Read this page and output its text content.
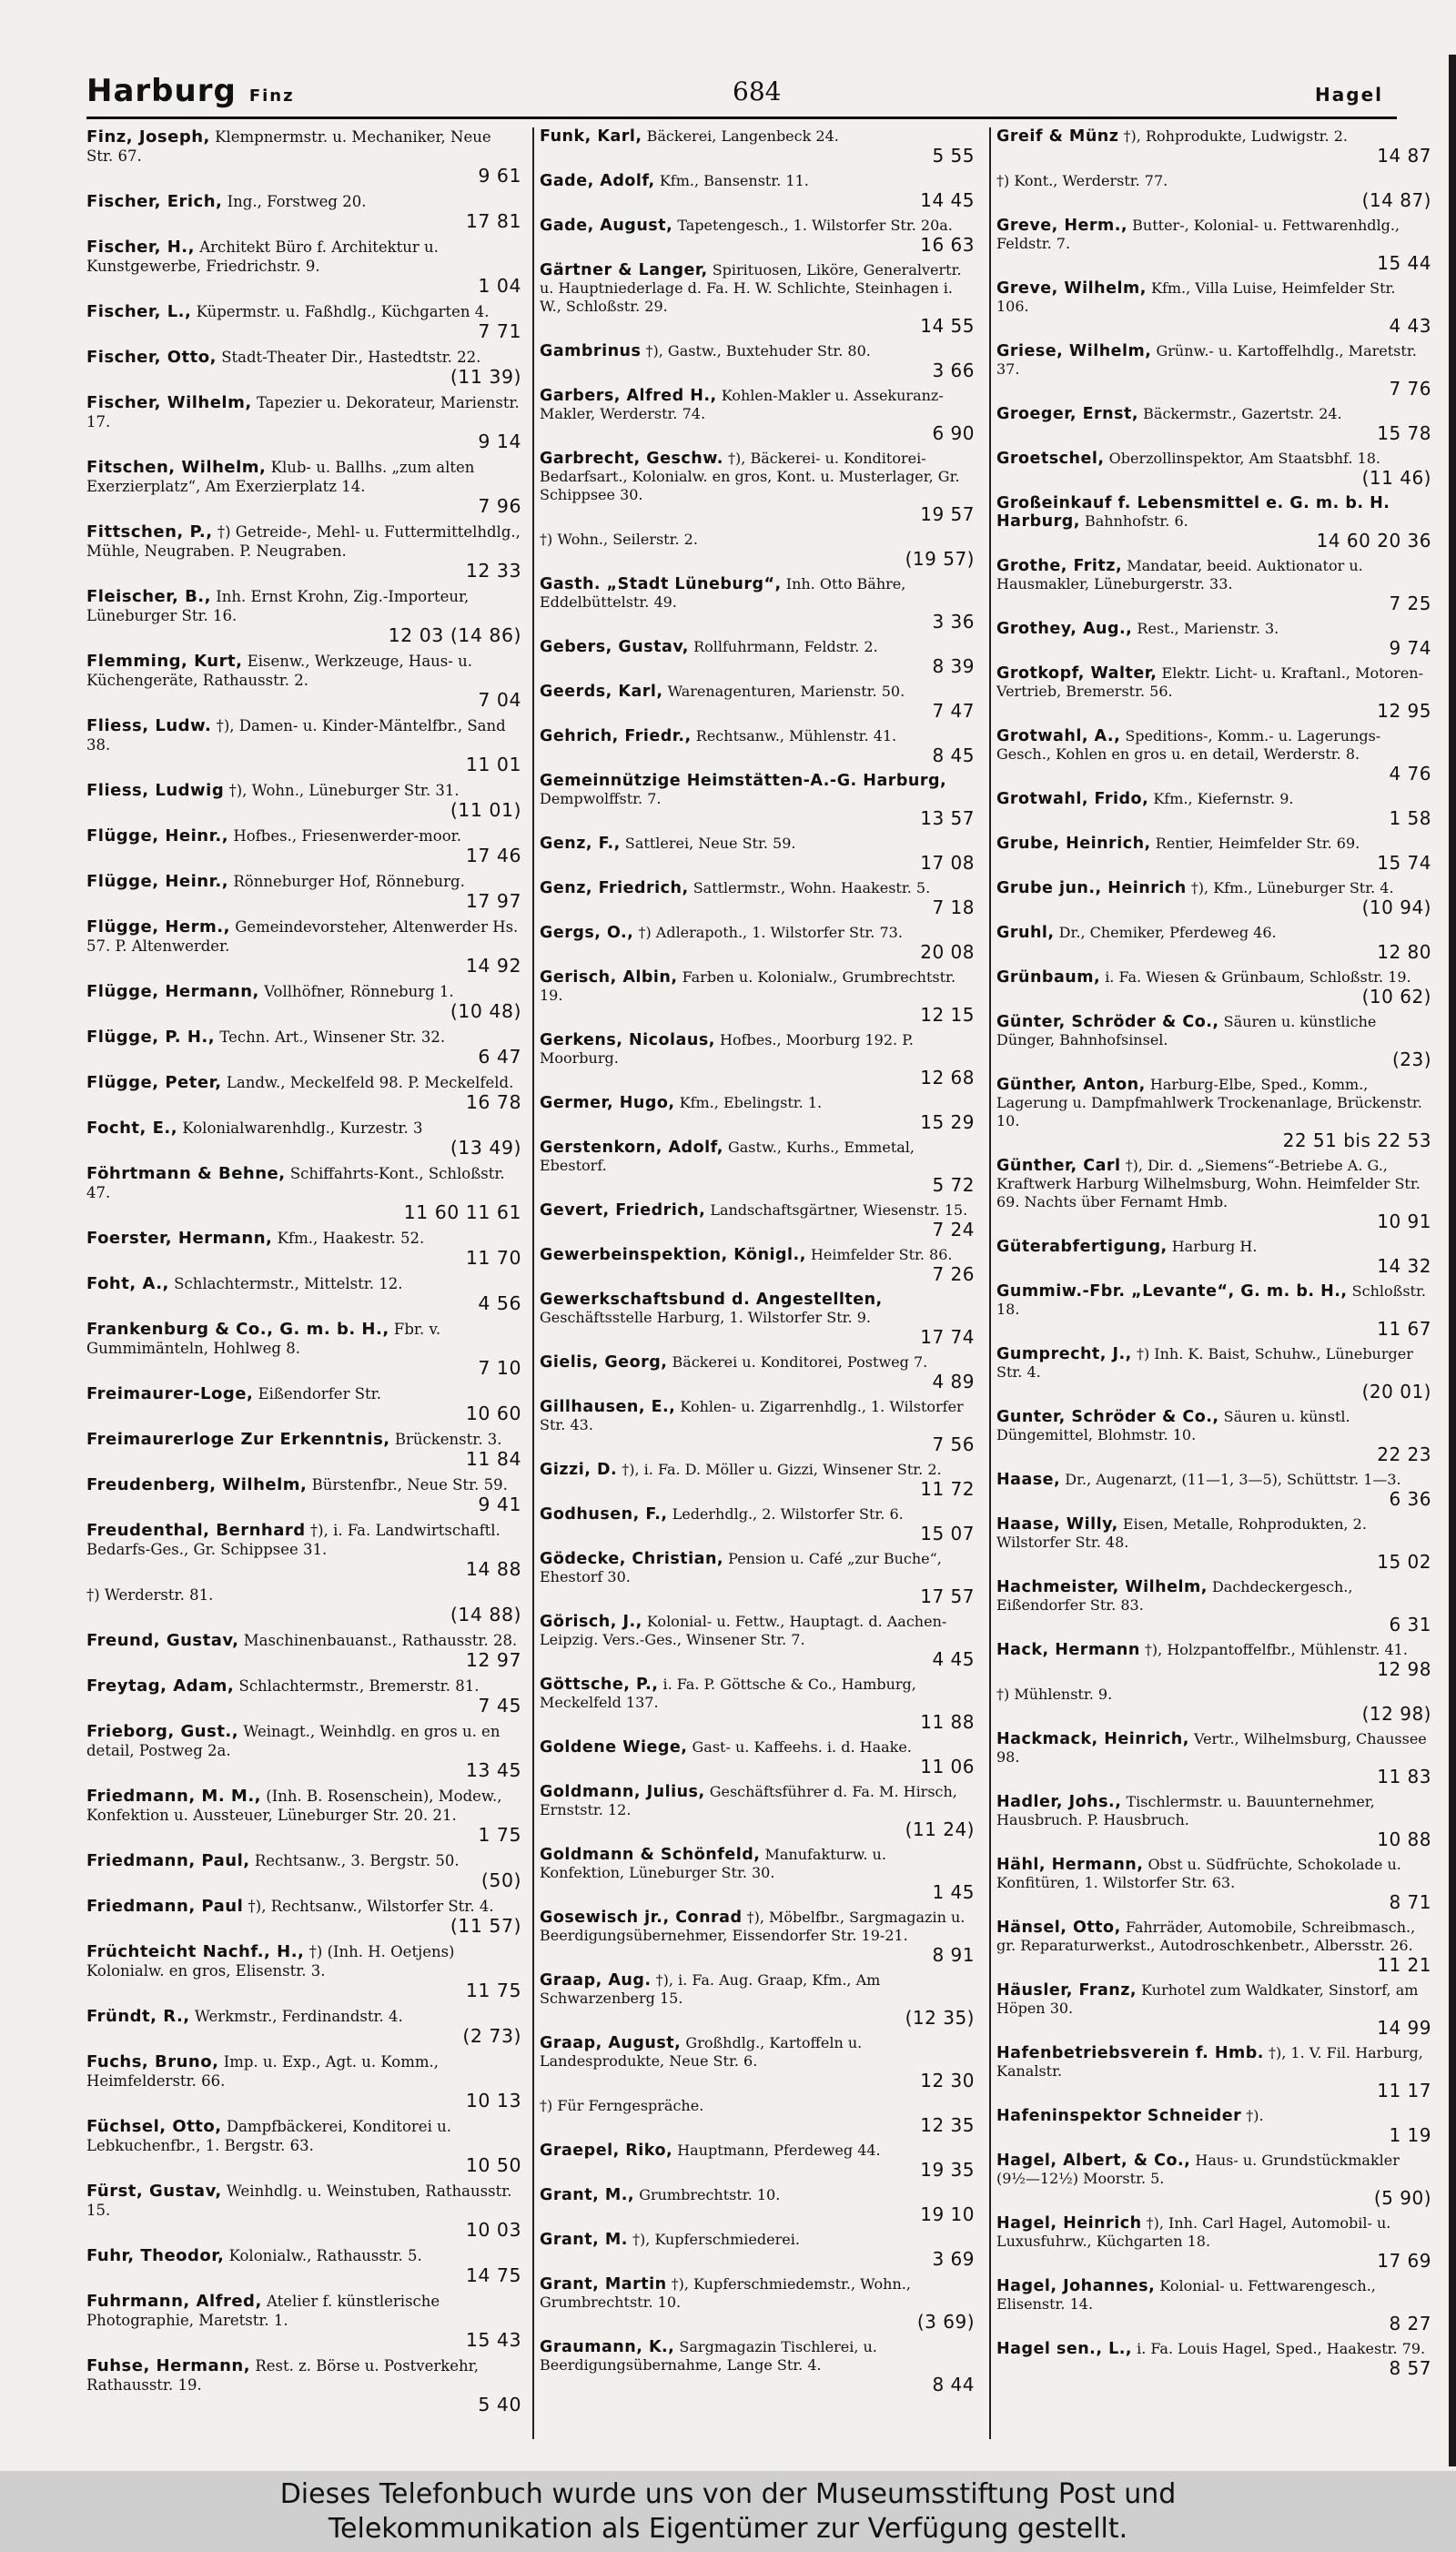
Harburg Finz	684	Hagel
Finz, Joseph, Klempnermstr. u. Mechaniker, Neue Str. 67.
9 61
Fischer, Erich, Ing., Forstweg 20.
17 81
Fischer, H., Architekt Büro f. Architektur u. Kunstgewerbe, Friedrichstr. 9.
1 04
Fischer, L., Küpermstr. u. Faßhdlg., Küchgarten 4.
7 71
Fischer, Otto, Stadt-Theater Dir., Hastedtstr. 22.
(11 39)
Fischer, Wilhelm, Tapezier u. Dekorateur, Marienstr. 17.
9 14
Fitschen, Wilhelm, Klub- u. Ballhs. „zum alten Exerzierplatz“, Am Exerzierplatz 14.
7 96
Fittschen, P., †) Getreide-, Mehl- u. Futtermittelhdlg., Mühle, Neugraben. P. Neugraben.
12 33
Fleischer, B., Inh. Ernst Krohn, Zig.-Importeur, Lüneburger Str. 16.
12 03 (14 86)
Flemming, Kurt, Eisenw., Werkzeuge, Haus- u. Küchengeräte, Rathausstr. 2.
7 04
Fliess, Ludw. †), Damen- u. Kinder-Mäntelfbr., Sand 38.
11 01
Fliess, Ludwig †), Wohn., Lüneburger Str. 31.
(11 01)
Flügge, Heinr., Hofbes., Friesenwerder-moor.
17 46
Flügge, Heinr., Rönneburger Hof, Rönneburg.
17 97
Flügge, Herm., Gemeindevorsteher, Altenwerder Hs. 57. P. Altenwerder.
14 92
Flügge, Hermann, Vollhöfner, Rönneburg 1.
(10 48)
Flügge, P. H., Techn. Art., Winsener Str. 32.
6 47
Flügge, Peter, Landw., Meckelfeld 98. P. Meckelfeld.
16 78
Focht, E., Kolonialwarenhdlg., Kurzestr. 3
(13 49)
Föhrtmann & Behne, Schiffahrts-Kont., Schloßstr. 47.
11 60 11 61
Foerster, Hermann, Kfm., Haakestr. 52.
11 70
Foht, A., Schlachtermstr., Mittelstr. 12.
4 56
Frankenburg & Co., G. m. b. H., Fbr. v. Gummimänteln, Hohlweg 8.
7 10
Freimaurer-Loge, Eißendorfer Str.
10 60
Freimaurerloge Zur Erkenntnis, Brückenstr. 3.
11 84
Freudenberg, Wilhelm, Bürstenfbr., Neue Str. 59.
9 41
Freudenthal, Bernhard †), i. Fa. Landwirtschaftl. Bedarfs-Ges., Gr. Schippsee 31.
14 88
†) Werderstr. 81.
(14 88)
Freund, Gustav, Maschinenbauanst., Rathausstr. 28.
12 97
Freytag, Adam, Schlachtermstr., Bremerstr. 81.
7 45
Frieborg, Gust., Weinagt., Weinhdlg. en gros u. en detail, Postweg 2a.
13 45
Friedmann, M. M., (Inh. B. Rosenschein), Modew., Konfektion u. Aussteuer, Lüneburger Str. 20. 21.
1 75
Friedmann, Paul, Rechtsanw., 3. Bergstr. 50.
(50)
Friedmann, Paul †), Rechtsanw., Wilstorfer Str. 4.
(11 57)
Früchteicht Nachf., H., †) (Inh. H. Oetjens) Kolonialw. en gros, Elisenstr. 3.
11 75
Fründt, R., Werkmstr., Ferdinandstr. 4.
(2 73)
Fuchs, Bruno, Imp. u. Exp., Agt. u. Komm., Heimfelderstr. 66.
10 13
Füchsel, Otto, Dampfbäckerei, Konditorei u. Lebkuchenfbr., 1. Bergstr. 63.
10 50
Fürst, Gustav, Weinhdlg. u. Weinstuben, Rathausstr. 15.
10 03
Fuhr, Theodor, Kolonialw., Rathausstr. 5.
14 75
Fuhrmann, Alfred, Atelier f. künstlerische Photographie, Maretstr. 1.
15 43
Fuhse, Hermann, Rest. z. Börse u. Postverkehr, Rathausstr. 19.
5 40
Funk, Karl, Bäckerei, Langenbeck 24.
5 55
Gade, Adolf, Kfm., Bansenstr. 11.
14 45
Gade, August, Tapetengesch., 1. Wilstorfer Str. 20a.
16 63
Gärtner & Langer, Spirituosen, Liköre, Generalvertr. u. Hauptniederlage d. Fa. H. W. Schlichte, Steinhagen i. W., Schloßstr. 29.
14 55
Gambrinus †), Gastw., Buxtehuder Str. 80.
3 66
Garbers, Alfred H., Kohlen-Makler u. Assekuranz-Makler, Werderstr. 74.
6 90
Garbrecht, Geschw. †), Bäckerei- u. Konditorei-Bedarfsart., Kolonialw. en gros, Kont. u. Musterlager, Gr. Schippsee 30.
19 57
†) Wohn., Seilerstr. 2.
(19 57)
Gasth. „Stadt Lüneburg“, Inh. Otto Bähre, Eddelbüttelstr. 49.
3 36
Gebers, Gustav, Rollfuhrmann, Feldstr. 2.
8 39
Geerds, Karl, Warenagenturen, Marienstr. 50.
7 47
Gehrich, Friedr., Rechtsanw., Mühlenstr. 41.
8 45
Gemeinnützige Heimstätten-A.-G. Harburg, Dempwolffstr. 7.
13 57
Genz, F., Sattlerei, Neue Str. 59.
17 08
Genz, Friedrich, Sattlermstr., Wohn. Haakestr. 5.
7 18
Gergs, O., †) Adlerapoth., 1. Wilstorfer Str. 73.
20 08
Gerisch, Albin, Farben u. Kolonialw., Grumbrechtstr. 19.
12 15
Gerkens, Nicolaus, Hofbes., Moorburg 192. P. Moorburg.
12 68
Germer, Hugo, Kfm., Ebelingstr. 1.
15 29
Gerstenkorn, Adolf, Gastw., Kurhs., Emmetal, Ebestorf.
5 72
Gevert, Friedrich, Landschaftsgärtner, Wiesenstr. 15.
7 24
Gewerbeinspektion, Königl., Heimfelder Str. 86.
7 26
Gewerkschaftsbund d. Angestellten, Geschäftsstelle Harburg, 1. Wilstorfer Str. 9.
17 74
Gielis, Georg, Bäckerei u. Konditorei, Postweg 7.
4 89
Gillhausen, E., Kohlen- u. Zigarrenhdlg., 1. Wilstorfer Str. 43.
7 56
Gizzi, D. †), i. Fa. D. Möller u. Gizzi, Winsener Str. 2.
11 72
Godhusen, F., Lederhdlg., 2. Wilstorfer Str. 6.
15 07
Gödecke, Christian, Pension u. Café „zur Buche“, Ehestorf 30.
17 57
Görisch, J., Kolonial- u. Fettw., Hauptagt. d. Aachen-Leipzig. Vers.-Ges., Winsener Str. 7.
4 45
Göttsche, P., i. Fa. P. Göttsche & Co., Hamburg, Meckelfeld 137.
11 88
Goldene Wiege, Gast- u. Kaffeehs. i. d. Haake.
11 06
Goldmann, Julius, Geschäftsführer d. Fa. M. Hirsch, Ernststr. 12.
(11 24)
Goldmann & Schönfeld, Manufakturw. u. Konfektion, Lüneburger Str. 30.
1 45
Gosewisch jr., Conrad †), Möbelfbr., Sargmagazin u. Beerdigungsübernehmer, Eissendorfer Str. 19-21.
8 91
Graap, Aug. †), i. Fa. Aug. Graap, Kfm., Am Schwarzenberg 15.
(12 35)
Graap, August, Großhdlg., Kartoffeln u. Landesprodukte, Neue Str. 6.
12 30
†) Für Ferngespräche.
12 35
Graepel, Riko, Hauptmann, Pferdeweg 44.
19 35
Grant, M., Grumbrechtstr. 10.
19 10
Grant, M. †), Kupferschmiederei.
3 69
Grant, Martin †), Kupferschmiedemstr., Wohn., Grumbrechtstr. 10.
(3 69)
Graumann, K., Sargmagazin Tischlerei, u. Beerdigungsübernahme, Lange Str. 4.
8 44
Greif & Münz †), Rohprodukte, Ludwigstr. 2.
14 87
†) Kont., Werderstr. 77.
(14 87)
Greve, Herm., Butter-, Kolonial- u. Fettwarenhdlg., Feldstr. 7.
15 44
Greve, Wilhelm, Kfm., Villa Luise, Heimfelder Str. 106.
4 43
Griese, Wilhelm, Grünw.- u. Kartoffelhdlg., Maretstr. 37.
7 76
Groeger, Ernst, Bäckermstr., Gazertstr. 24.
15 78
Groetschel, Oberzollinspektor, Am Staatsbhf. 18.
(11 46)
Großeinkauf f. Lebensmittel e. G. m. b. H. Harburg, Bahnhofstr. 6.
14 60 20 36
Grothe, Fritz, Mandatar, beeid. Auktionator u. Hausmakler, Lüneburgerstr. 33.
7 25
Grothey, Aug., Rest., Marienstr. 3.
9 74
Grotkopf, Walter, Elektr. Licht- u. Kraftanl., Motoren-Vertrieb, Bremerstr. 56.
12 95
Grotwahl, A., Speditions-, Komm.- u. Lagerungs-Gesch., Kohlen en gros u. en detail, Werderstr. 8.
4 76
Grotwahl, Frido, Kfm., Kiefernstr. 9.
1 58
Grube, Heinrich, Rentier, Heimfelder Str. 69.
15 74
Grube jun., Heinrich †), Kfm., Lüneburger Str. 4.
(10 94)
Gruhl, Dr., Chemiker, Pferdeweg 46.
12 80
Grünbaum, i. Fa. Wiesen & Grünbaum, Schloßstr. 19.
(10 62)
Günter, Schröder & Co., Säuren u. künstliche Dünger, Bahnhofsinsel.
(23)
Günther, Anton, Harburg-Elbe, Sped., Komm., Lagerung u. Dampfmahlwerk Trockenanlage, Brückenstr. 10.
22 51 bis 22 53
Günther, Carl †), Dir. d. „Siemens“-Betriebe A. G., Kraftwerk Harburg Wilhelmsburg, Wohn. Heimfelder Str. 69. Nachts über Fernamt Hmb.
10 91
Güterabfertigung, Harburg H.
14 32
Gummiw.-Fbr. „Levante“, G. m. b. H., Schloßstr. 18.
11 67
Gumprecht, J., †) Inh. K. Baist, Schuhw., Lüneburger Str. 4.
(20 01)
Gunter, Schröder & Co., Säuren u. künstl. Düngemittel, Blohmstr. 10.
22 23
Haase, Dr., Augenarzt, (11—1, 3—5), Schüttstr. 1—3.
6 36
Haase, Willy, Eisen, Metalle, Rohprodukten, 2. Wilstorfer Str. 48.
15 02
Hachmeister, Wilhelm, Dachdeckergesch., Eißendorfer Str. 83.
6 31
Hack, Hermann †), Holzpantoffelfbr., Mühlenstr. 41.
12 98
†) Mühlenstr. 9.
(12 98)
Hackmack, Heinrich, Vertr., Wilhelmsburg, Chaussee 98.
11 83
Hadler, Johs., Tischlermstr. u. Bauunternehmer, Hausbruch. P. Hausbruch.
10 88
Hähl, Hermann, Obst u. Südfrüchte, Schokolade u. Konfitüren, 1. Wilstorfer Str. 63.
8 71
Hänsel, Otto, Fahrräder, Automobile, Schreibmasch., gr. Reparaturwerkst., Autodroschkenbetr., Albersstr. 26.
11 21
Häusler, Franz, Kurhotel zum Waldkater, Sinstorf, am Höpen 30.
14 99
Hafenbetriebsverein f. Hmb. †), 1. V. Fil. Harburg, Kanalstr.
11 17
Hafeninspektor Schneider †).
1 19
Hagel, Albert, & Co., Haus- u. Grundstückmakler (9½—12½) Moorstr. 5.
(5 90)
Hagel, Heinrich †), Inh. Carl Hagel, Automobil- u. Luxusfuhrw., Küchgarten 18.
17 69
Hagel, Johannes, Kolonial- u. Fettwarengesch., Elisenstr. 14.
8 27
Hagel sen., L., i. Fa. Louis Hagel, Sped., Haakestr. 79.
8 57
Dieses Telefonbuch wurde uns von der Museumsstiftung Post und
Telekommunikation als Eigentümer zur Verfügung gestellt.
